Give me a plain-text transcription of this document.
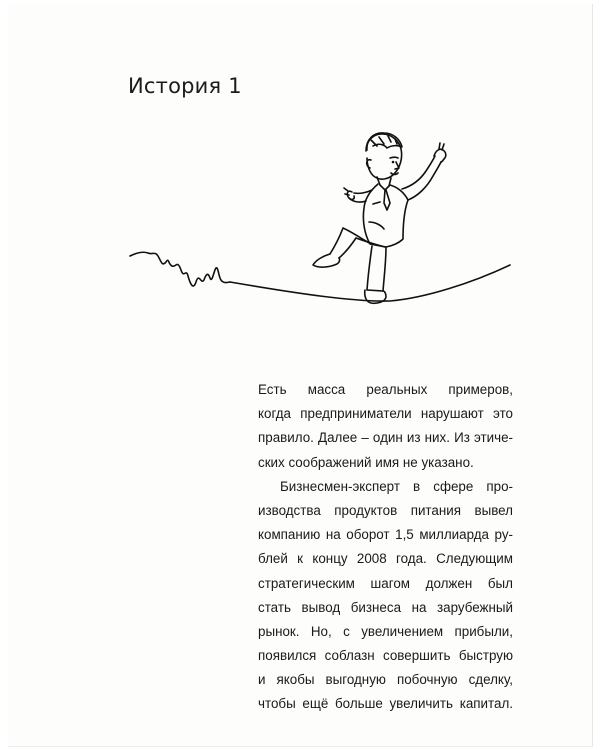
История 1
Есть масса реальных примеров,
когда предприниматели нарушают это
правило. Далее – один из них. Из этиче-
ских соображений имя не указано.
Бизнесмен-эксперт в сфере про-
изводства продуктов питания вывел
компанию на оборот 1,5 миллиарда ру-
блей к концу 2008 года. Следующим
стратегическим шагом должен был
стать вывод бизнеса на зарубежный
рынок. Но, с увеличением прибыли,
появился соблазн совершить быструю
и якобы выгодную побочную сделку,
чтобы ещё больше увеличить капитал.
